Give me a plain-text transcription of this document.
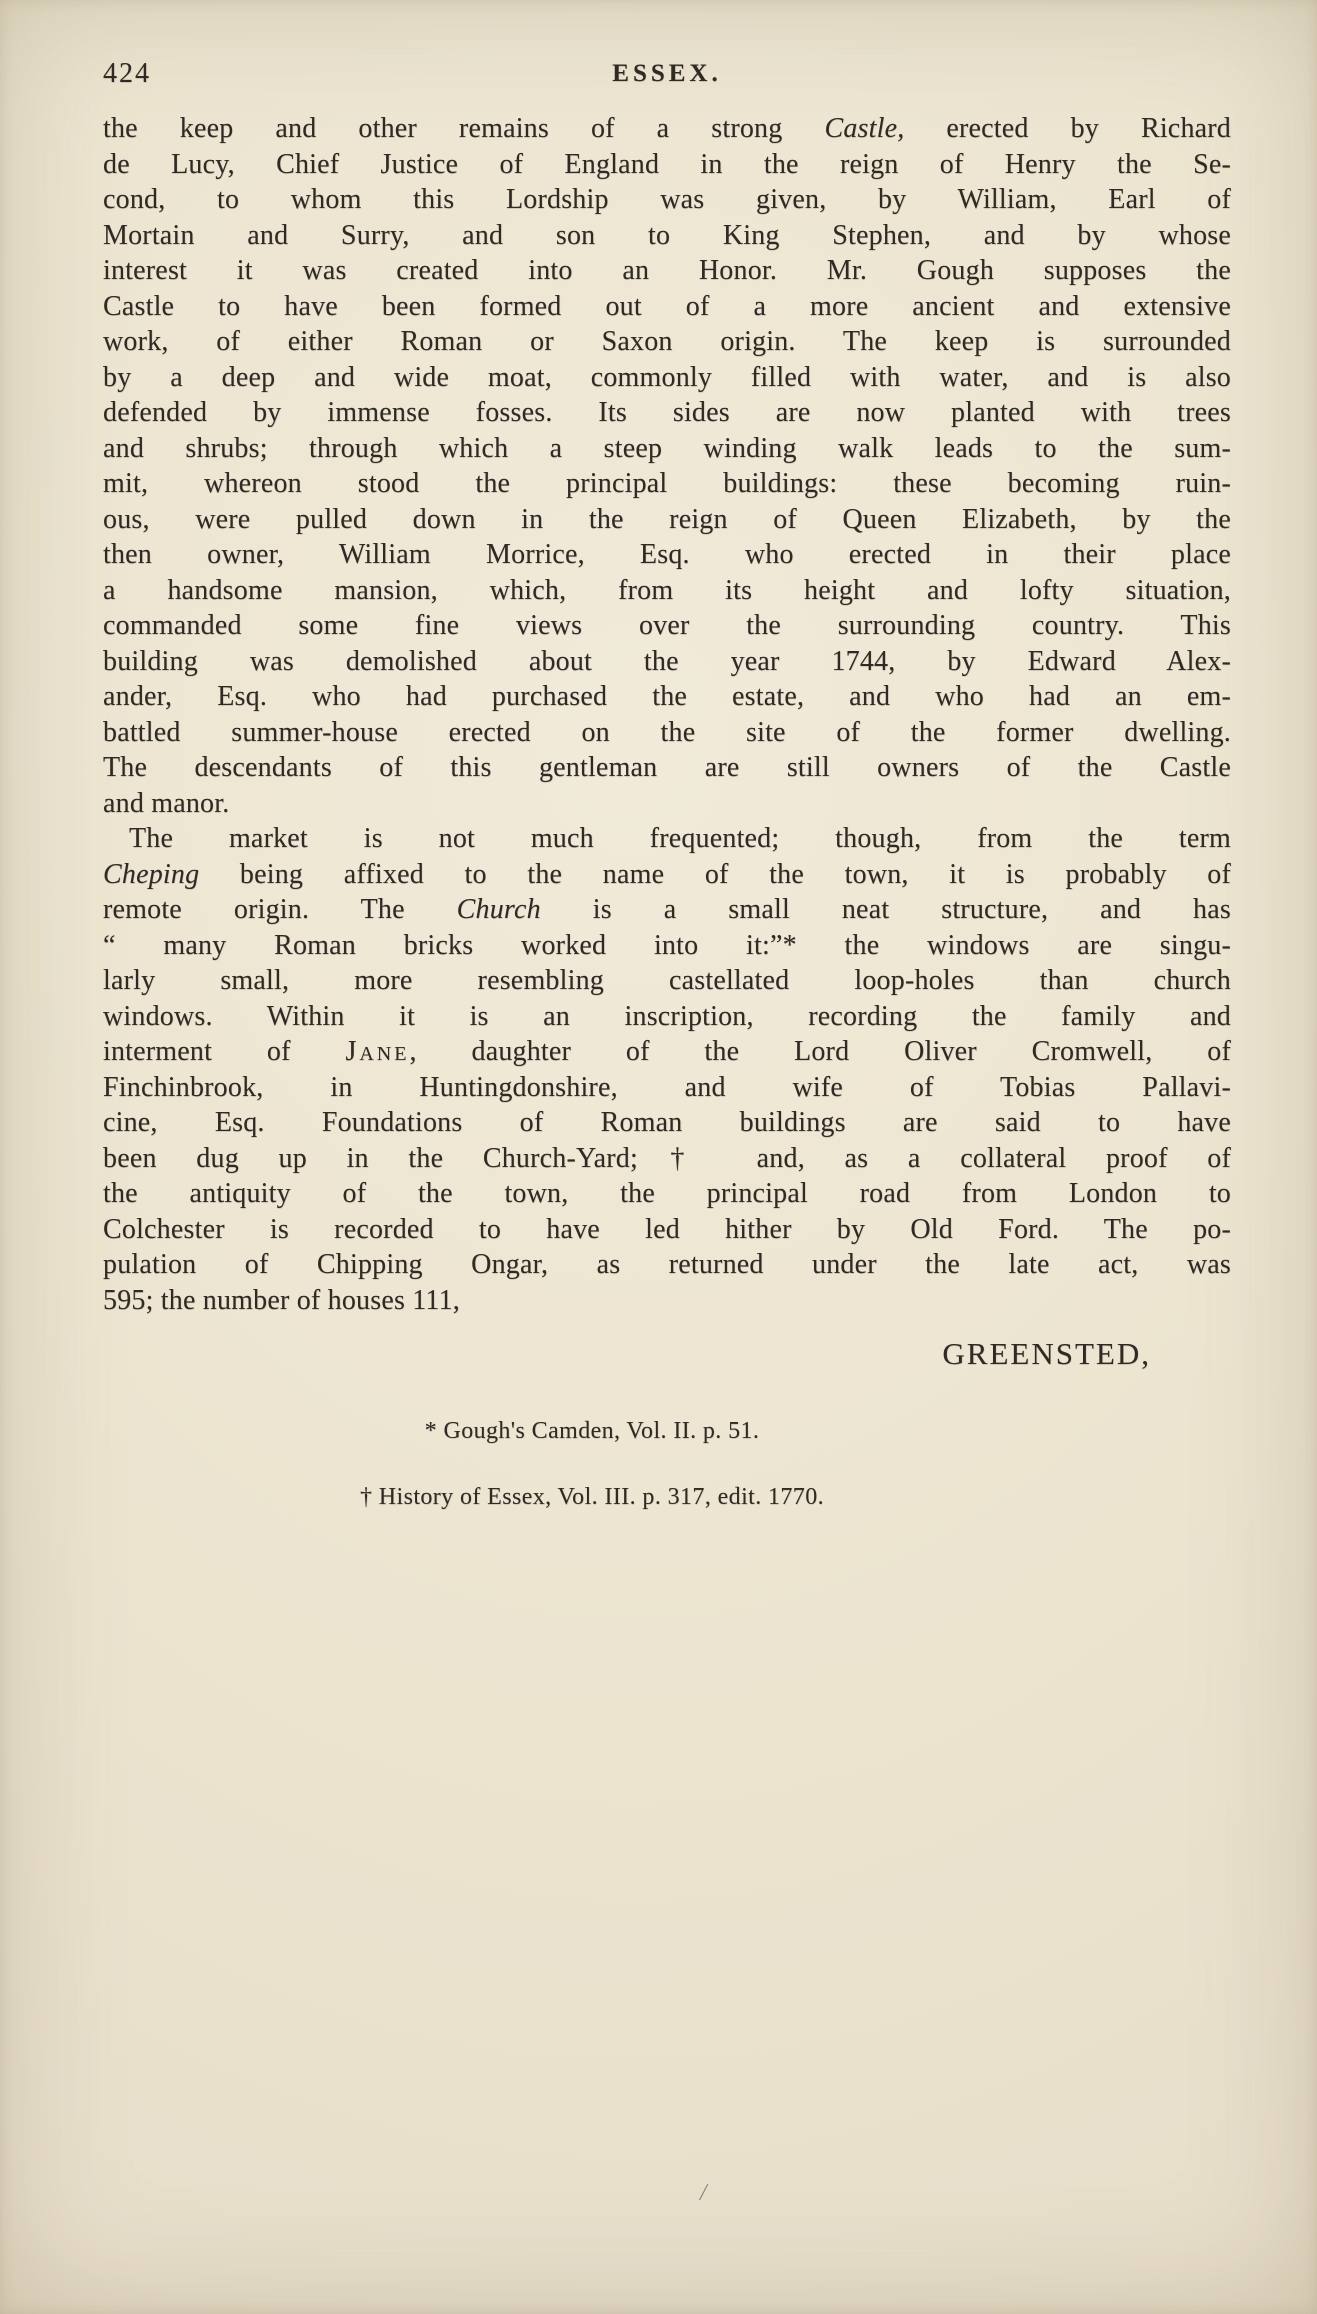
424	ESSEX.
the keep and other remains of a strong Castle, erected by Richard
de Lucy, Chief Justice of England in the reign of Henry the Se-
cond, to whom this Lordship was given, by William, Earl of
Mortain and Surry, and son to King Stephen, and by whose
interest it was created into an Honor. Mr. Gough supposes the
Castle to have been formed out of a more ancient and extensive
work, of either Roman or Saxon origin. The keep is surrounded
by a deep and wide moat, commonly filled with water, and is also
defended by immense fosses. Its sides are now planted with trees
and shrubs; through which a steep winding walk leads to the sum-
mit, whereon stood the principal buildings: these becoming ruin-
ous, were pulled down in the reign of Queen Elizabeth, by the
then owner, William Morrice, Esq. who erected in their place
a handsome mansion, which, from its height and lofty situation,
commanded some fine views over the surrounding country. This
building was demolished about the year 1744, by Edward Alex-
ander, Esq. who had purchased the estate, and who had an em-
battled summer-house erected on the site of the former dwelling.
The descendants of this gentleman are still owners of the Castle
and manor.
The market is not much frequented; though, from the term
Cheping being affixed to the name of the town, it is probably of
remote origin. The Church is a small neat structure, and has
“ many Roman bricks worked into it:”* the windows are singu-
larly small, more resembling castellated loop-holes than church
windows. Within it is an inscription, recording the family and
interment of Jane, daughter of the Lord Oliver Cromwell, of
Finchinbrook, in Huntingdonshire, and wife of Tobias Pallavi-
cine, Esq. Foundations of Roman buildings are said to have
been dug up in the Church-Yard;† and, as a collateral proof of
the antiquity of the town, the principal road from London to
Colchester is recorded to have led hither by Old Ford. The po-
pulation of Chipping Ongar, as returned under the late act, was
595; the number of houses 111,
GREENSTED,

* Gough's Camden, Vol. II. p. 51.

† History of Essex, Vol. III. p. 317, edit. 1770.

/
